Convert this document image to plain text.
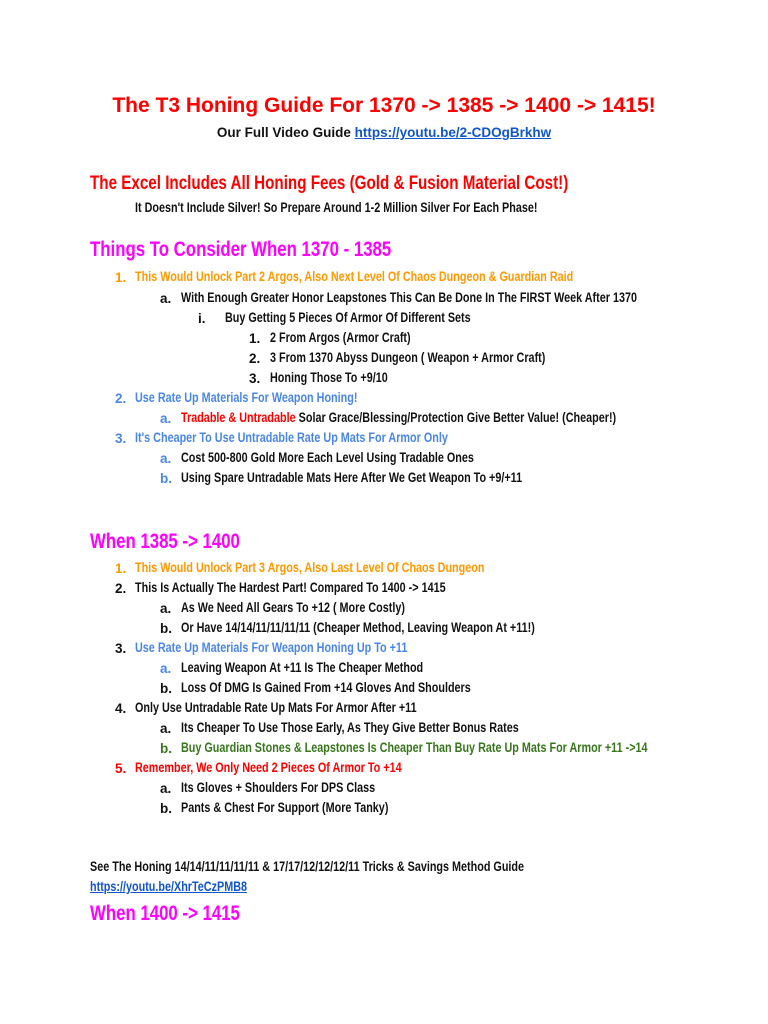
The T3 Honing Guide For 1370 -> 1385 -> 1400 -> 1415!
Our Full Video Guide https://youtu.be/2-CDOgBrkhw
The Excel Includes All Honing Fees (Gold & Fusion Material Cost!)
It Doesn't Include Silver! So Prepare Around 1-2 Million Silver For Each Phase!
Things To Consider When 1370 - 1385
1. This Would Unlock Part 2 Argos, Also Next Level Of Chaos Dungeon & Guardian Raid
a. With Enough Greater Honor Leapstones This Can Be Done In The FIRST Week After 1370
i. Buy Getting 5 Pieces Of Armor Of Different Sets
1. 2 From Argos (Armor Craft)
2. 3 From 1370 Abyss Dungeon ( Weapon + Armor Craft)
3. Honing Those To +9/10
2. Use Rate Up Materials For Weapon Honing!
a. Tradable & Untradable Solar Grace/Blessing/Protection Give Better Value! (Cheaper!)
3. It's Cheaper To Use Untradable Rate Up Mats For Armor Only
a. Cost 500-800 Gold More Each Level Using Tradable Ones
b. Using Spare Untradable Mats Here After We Get Weapon To +9/+11
When 1385 -> 1400
1. This Would Unlock Part 3 Argos, Also Last Level Of Chaos Dungeon
2. This Is Actually The Hardest Part! Compared To 1400 -> 1415
a. As We Need All Gears To +12 ( More Costly)
b. Or Have 14/14/11/11/11/11 (Cheaper Method, Leaving Weapon At +11!)
3. Use Rate Up Materials For Weapon Honing Up To +11
a. Leaving Weapon At +11 Is The Cheaper Method
b. Loss Of DMG Is Gained From +14 Gloves And Shoulders
4. Only Use Untradable Rate Up Mats For Armor After +11
a. Its Cheaper To Use Those Early, As They Give Better Bonus Rates
b. Buy Guardian Stones & Leapstones Is Cheaper Than Buy Rate Up Mats For Armor +11 ->14
5. Remember, We Only Need 2 Pieces Of Armor To +14
a. Its Gloves + Shoulders For DPS Class
b. Pants & Chest For Support (More Tanky)
See The Honing 14/14/11/11/11/11 & 17/17/12/12/12/11 Tricks & Savings Method Guide
https://youtu.be/XhrTeCzPMB8
When 1400 -> 1415
